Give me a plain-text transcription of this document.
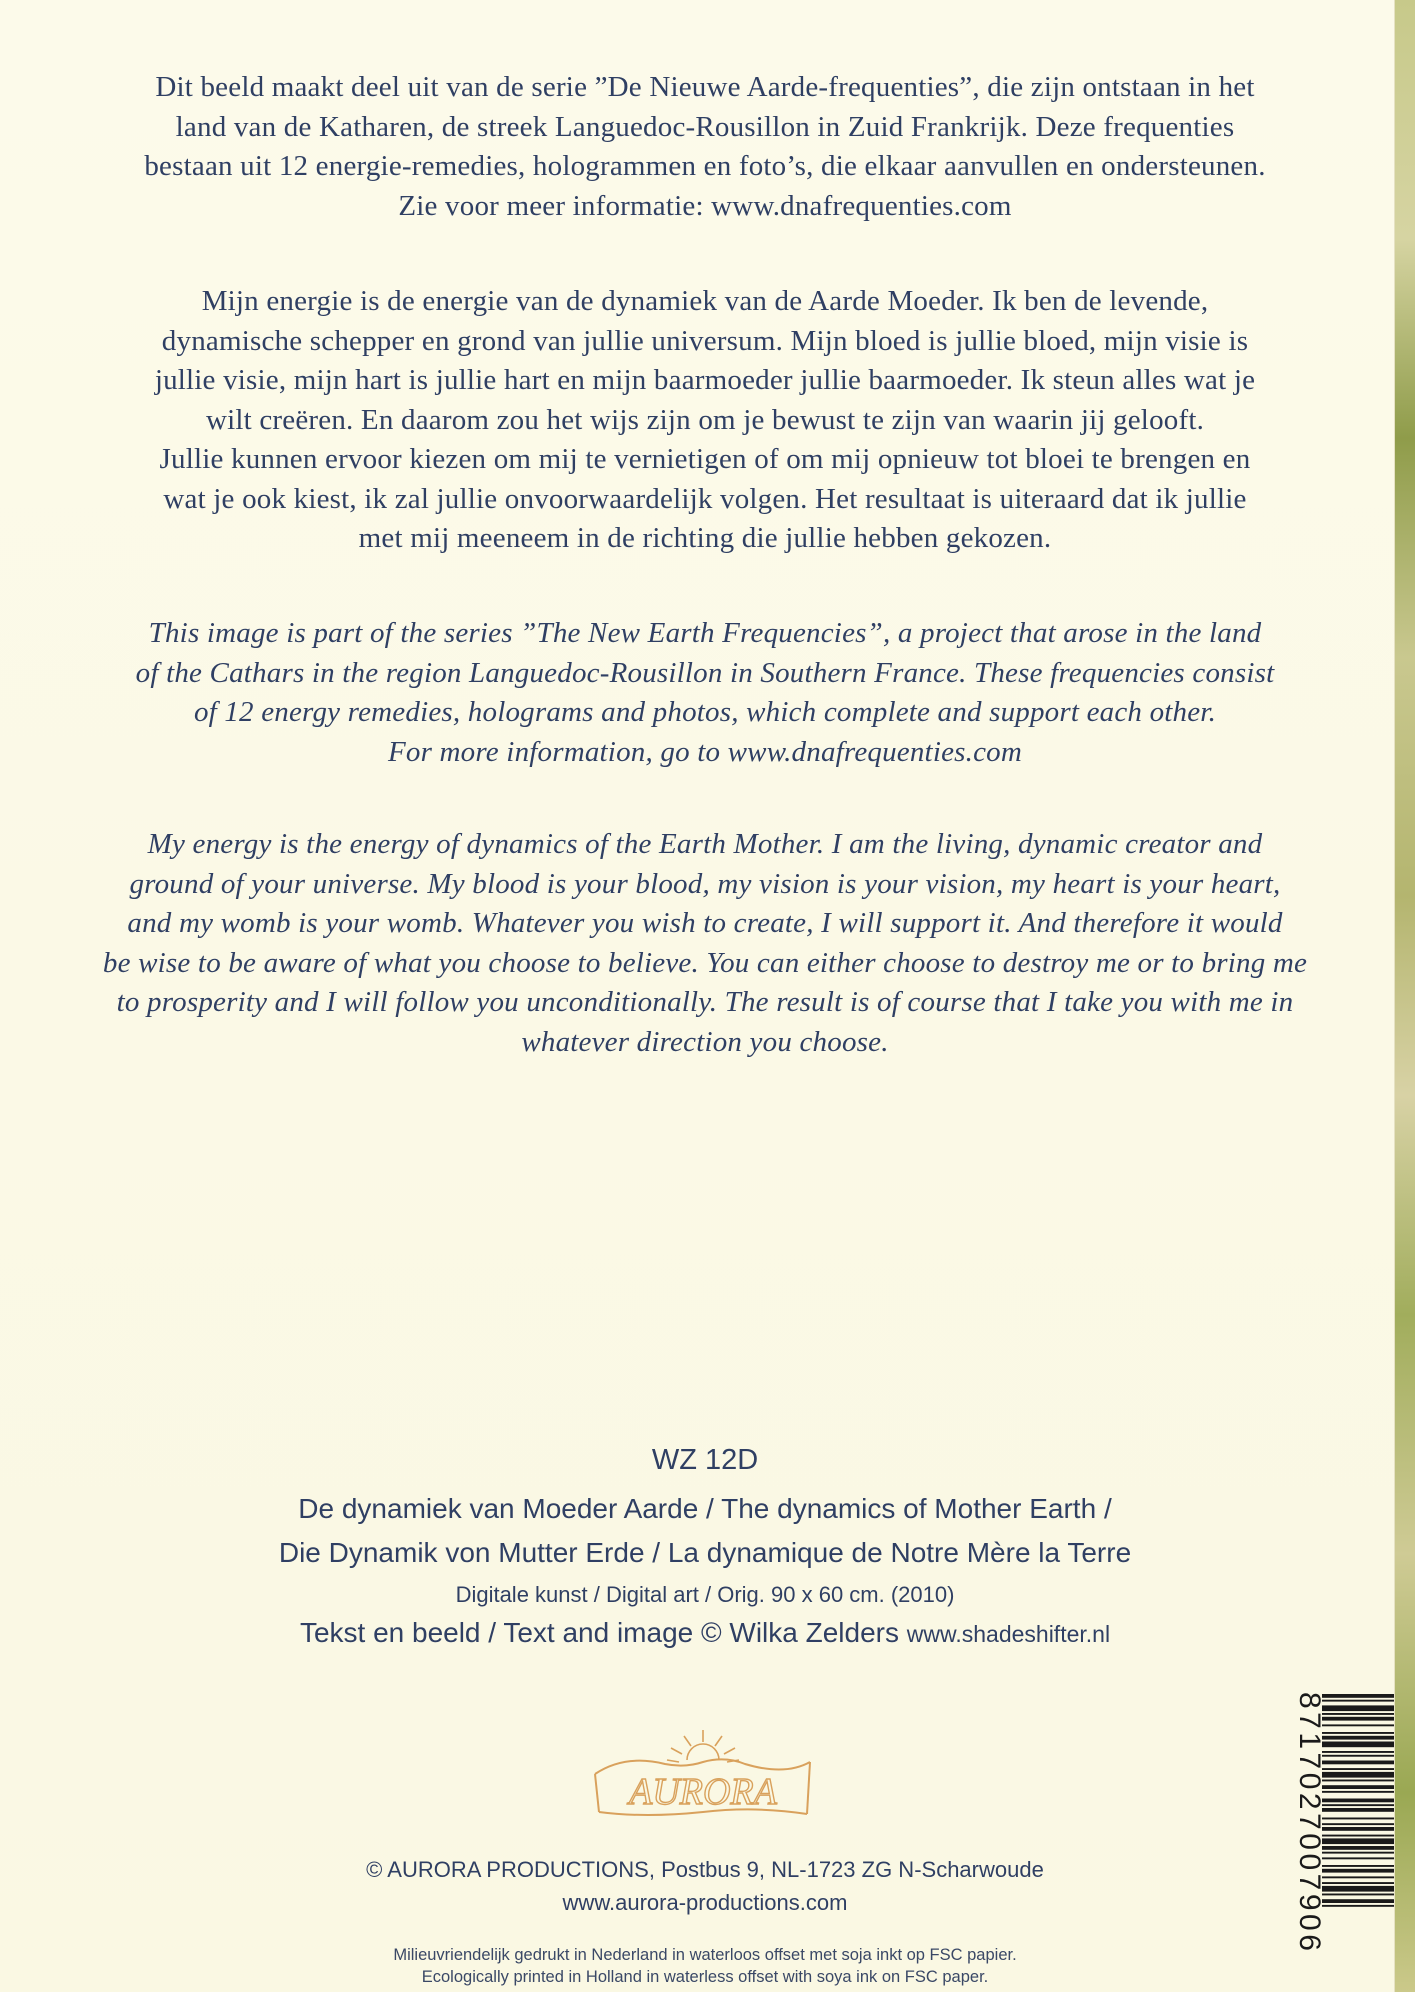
Dit beeld maakt deel uit van de serie ”De Nieuwe Aarde-frequenties”, die zijn ontstaan in het
land van de Katharen, de streek Languedoc-Rousillon in Zuid Frankrijk. Deze frequenties
bestaan uit 12 energie-remedies, hologrammen en foto’s, die elkaar aanvullen en ondersteunen.
Zie voor meer informatie: www.dnafrequenties.com
Mijn energie is de energie van de dynamiek van de Aarde Moeder. Ik ben de levende,
dynamische schepper en grond van jullie universum. Mijn bloed is jullie bloed, mijn visie is
jullie visie, mijn hart is jullie hart en mijn baarmoeder jullie baarmoeder. Ik steun alles wat je
wilt creëren. En daarom zou het wijs zijn om je bewust te zijn van waarin jij gelooft.
Jullie kunnen ervoor kiezen om mij te vernietigen of om mij opnieuw tot bloei te brengen en
wat je ook kiest, ik zal jullie onvoorwaardelijk volgen. Het resultaat is uiteraard dat ik jullie
met mij meeneem in de richting die jullie hebben gekozen.
This image is part of the series ”The New Earth Frequencies”, a project that arose in the land
of the Cathars in the region Languedoc-Rousillon in Southern France. These frequencies consist
of 12 energy remedies, holograms and photos, which complete and support each other.
For more information, go to www.dnafrequenties.com
My energy is the energy of dynamics of the Earth Mother. I am the living, dynamic creator and
ground of your universe. My blood is your blood, my vision is your vision, my heart is your heart,
and my womb is your womb. Whatever you wish to create, I will support it. And therefore it would
be wise to be aware of what you choose to believe. You can either choose to destroy me or to bring me
to prosperity and I will follow you unconditionally. The result is of course that I take you with me in
whatever direction you choose.
WZ 12D
De dynamiek van Moeder Aarde / The dynamics of Mother Earth /
Die Dynamik von Mutter Erde / La dynamique de Notre Mère la Terre
Digitale kunst / Digital art / Orig. 90 x 60 cm. (2010)
Tekst en beeld / Text and image © Wilka Zelders www.shadeshifter.nl
AURORA
© AURORA PRODUCTIONS, Postbus 9, NL-1723 ZG N-Scharwoude
www.aurora-productions.com
Milieuvriendelijk gedrukt in Nederland in waterloos offset met soja inkt op FSC papier.
Ecologically printed in Holland in waterless offset with soya ink on FSC paper.
8717027007906
